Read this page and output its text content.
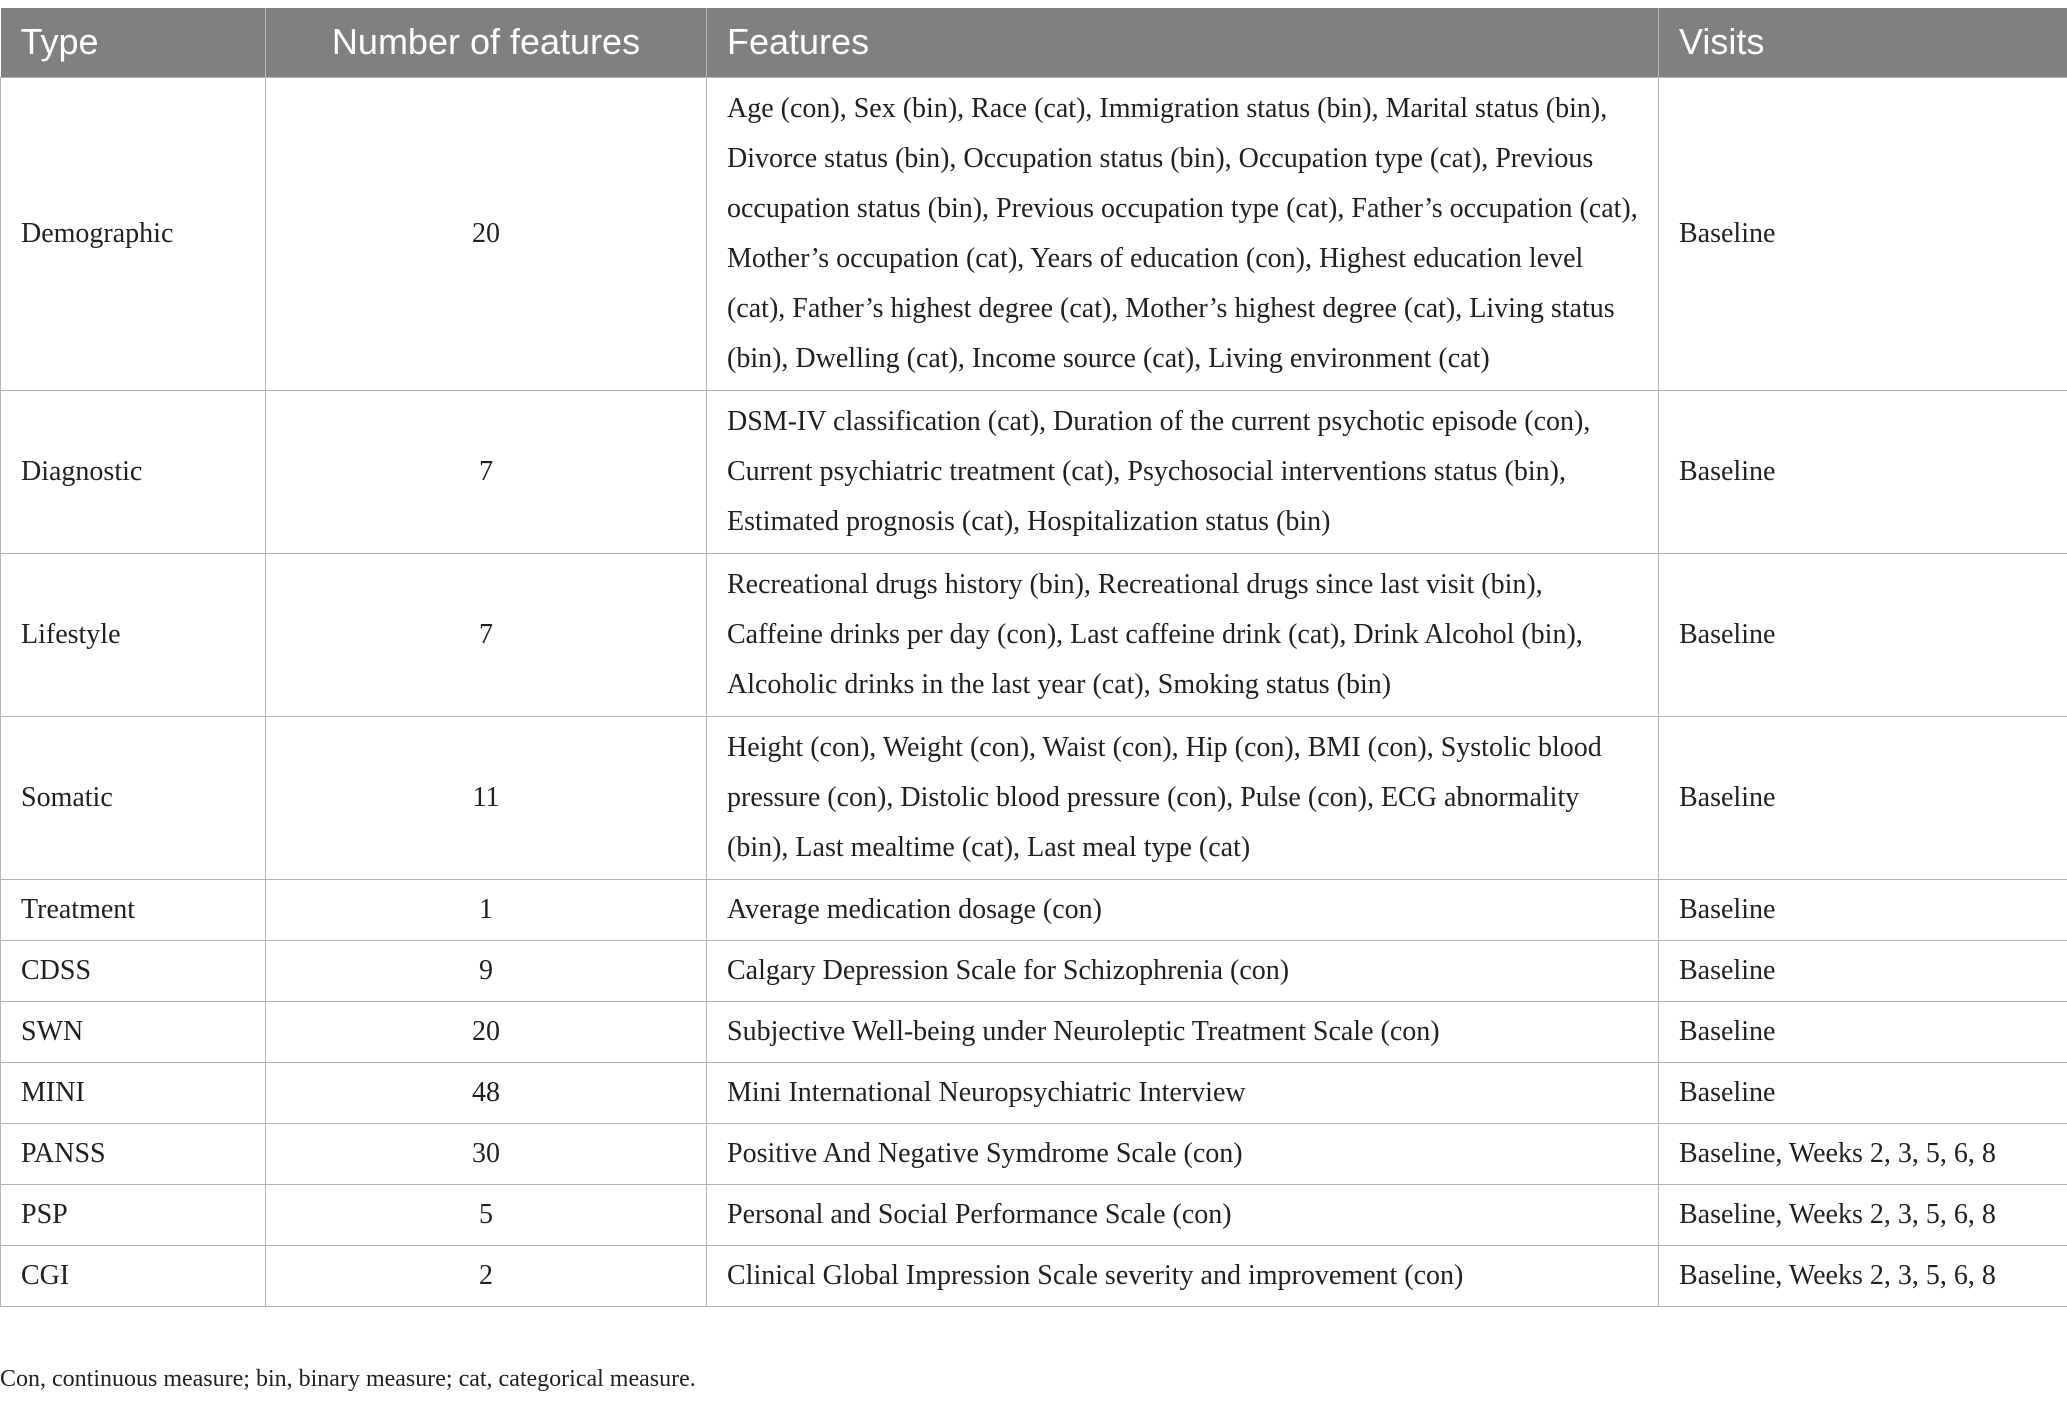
Type	Number of features	Features	Visits
Demographic	20	Age (con), Sex (bin), Race (cat), Immigration status (bin), Marital status (bin), Divorce status (bin), Occupation status (bin), Occupation type (cat), Previous occupation status (bin), Previous occupation type (cat), Father’s occupation (cat), Mother’s occupation (cat), Years of education (con), Highest education level (cat), Father’s highest degree (cat), Mother’s highest degree (cat), Living status (bin), Dwelling (cat), Income source (cat), Living environment (cat)	Baseline
Diagnostic	7	DSM-IV classification (cat), Duration of the current psychotic episode (con), Current psychiatric treatment (cat), Psychosocial interventions status (bin), Estimated prognosis (cat), Hospitalization status (bin)	Baseline
Lifestyle	7	Recreational drugs history (bin), Recreational drugs since last visit (bin), Caffeine drinks per day (con), Last caffeine drink (cat), Drink Alcohol (bin), Alcoholic drinks in the last year (cat), Smoking status (bin)	Baseline
Somatic	11	Height (con), Weight (con), Waist (con), Hip (con), BMI (con), Systolic blood pressure (con), Distolic blood pressure (con), Pulse (con), ECG abnormality (bin), Last mealtime (cat), Last meal type (cat)	Baseline
Treatment	1	Average medication dosage (con)	Baseline
CDSS	9	Calgary Depression Scale for Schizophrenia (con)	Baseline
SWN	20	Subjective Well-being under Neuroleptic Treatment Scale (con)	Baseline
MINI	48	Mini International Neuropsychiatric Interview	Baseline
PANSS	30	Positive And Negative Symdrome Scale (con)	Baseline, Weeks 2, 3, 5, 6, 8
PSP	5	Personal and Social Performance Scale (con)	Baseline, Weeks 2, 3, 5, 6, 8
CGI	2	Clinical Global Impression Scale severity and improvement (con)	Baseline, Weeks 2, 3, 5, 6, 8
Con, continuous measure; bin, binary measure; cat, categorical measure.
